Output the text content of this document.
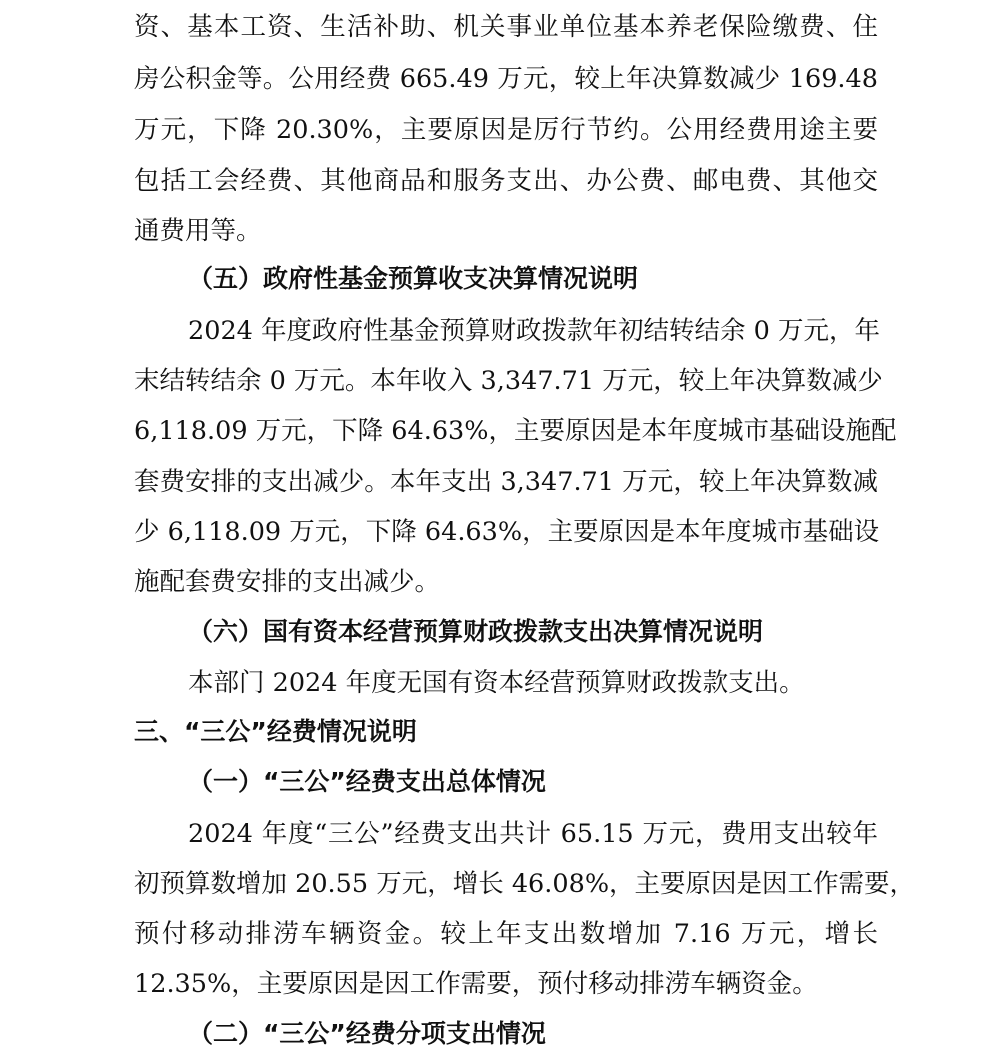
资、基本工资、生活补助、机关事业单位基本养老保险缴费、住
房公积金等。公用经费 665.49 万元，较上年决算数减少 169.48
万元，下降 20.30%，主要原因是厉行节约。公用经费用途主要
包括工会经费、其他商品和服务支出、办公费、邮电费、其他交
通费用等。
（五）政府性基金预算收支决算情况说明
2024 年度政府性基金预算财政拨款年初结转结余 0 万元，年
末结转结余 0 万元。本年收入 3,347.71 万元，较上年决算数减少
6,118.09 万元，下降 64.63%，主要原因是本年度城市基础设施配
套费安排的支出减少。本年支出 3,347.71 万元，较上年决算数减
少 6,118.09 万元，下降 64.63%，主要原因是本年度城市基础设
施配套费安排的支出减少。
（六）国有资本经营预算财政拨款支出决算情况说明
本部门 2024 年度无国有资本经营预算财政拨款支出。
三、“三公”经费情况说明
（一）“三公”经费支出总体情况
2024 年度“三公”经费支出共计 65.15 万元，费用支出较年
初预算数增加 20.55 万元，增长 46.08%，主要原因是因工作需要，
预付移动排涝车辆资金。较上年支出数增加 7.16 万元，增长
12.35%，主要原因是因工作需要，预付移动排涝车辆资金。
（二）“三公”经费分项支出情况
